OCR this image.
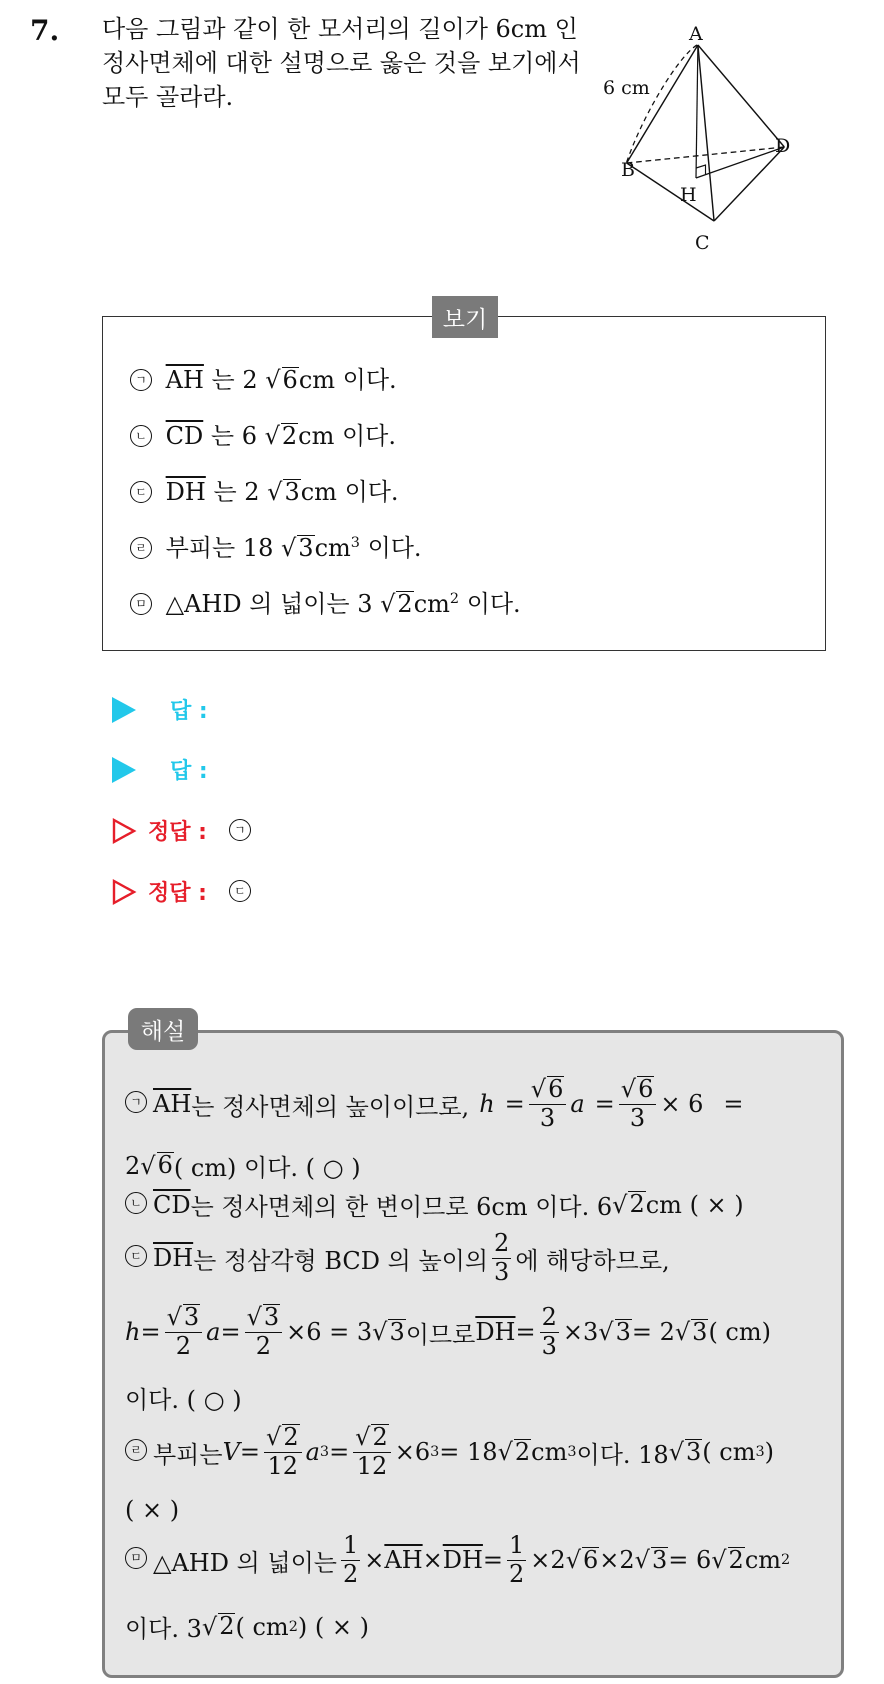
7. 다음 그림과 같이 한 모서리의 길이가 6cm 인
정사면체에 대한 설명으로 옳은 것을 보기에서
모두 골라라.
A
B
C
D
H
6 cm
보기
ㄱ $\overline{AH}$ 는 2 √6cm 이다.
ㄴ $\overline{CD}$ 는 6 √2cm 이다.
ㄷ $\overline{DH}$ 는 2 √3cm 이다.
ㄹ 부피는 18 $√3cm^3$ 이다.
ㅁ △AHD 의 넓이는 3 $√2cm^2$ 이다.
답 :
답 :
정답 :	ㄱ
정답 :	ㄷ
해설
ㄱ $\overline{AH}$ 는 정사면체의 높이이므로, $h = \frac{√6}{3}$ $a = \frac{√6}{3} \times 6$ =
2 √ 6 ( cm) 이다. ( ○ )
ㄴ $\overline{CD}$ 는 정사면체의 한 변이므로 6cm 이다. 6 √ 2 cm ( × )
ㄷ $\overline{DH}$ 는 정삼각형 BCD 의 높이의 $\frac{2}{3}$ 에 해당하므로,
$h = \frac{√3}{2}$ $a = \frac{√3}{2} \times 6 = 3$ √ 3 이므로 $\overline{DH} = \frac{2}{3} \times 3$ √ 3 = 2 √ 3 ( cm)
이다. ( ○ )
ㄹ 부피는 $V = \frac{√2}{12}$ a $3 = \frac{√2}{12} \times 6$ 3 = 18 √ 2 cm 3 이다. 18 √ 3 ( cm 3 )
( × )
ㅁ △AHD 의 넓이는 $\frac{1}{2} \times \overline{AH} \times \overline{DH} = \frac{1}{2} \times 2$ √ 6 ×2 √ 3 = 6 √ 2 cm 2
이다. 3 √ 2 ( cm 2 ) ( × )
